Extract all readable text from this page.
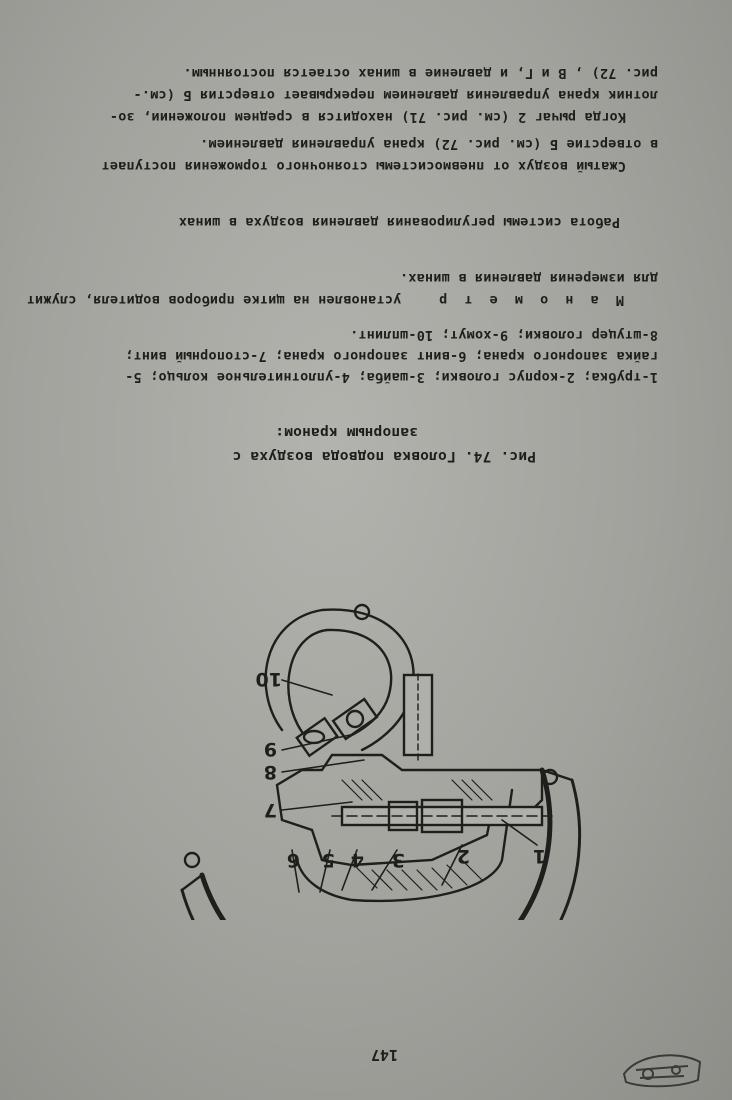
147
1
2
3
4
5
6
7
8
9
10
Рис. 74. Головка подвода воздуха с
запорным краном:
1-трубка; 2-корпус головки; 3-шайба; 4-уплотнительное кольцо; 5-
гайка запорного крана; 6-винт запорного крана; 7-стопорный винт;
8-штуцер головки; 9-хомут; 10-шплинт.
М а н о м е т р    установлен на щитке приборов водителя, служит
для измерения давления в шинах.
Работа системы регулирования давления воздуха в шинах
Сжатый воздух от пневмосистемы стояночного торможения поступает
в отверстие Б (см. рис. 72) крана управления давлением.
Когда рычаг 2 (см. рис. 71) находится в среднем положении, зо-
лотник крана управления давлением перекрывает отверстия Б (см.-
рис. 72) , В и Г, и давление в шинах остается постоянным.
